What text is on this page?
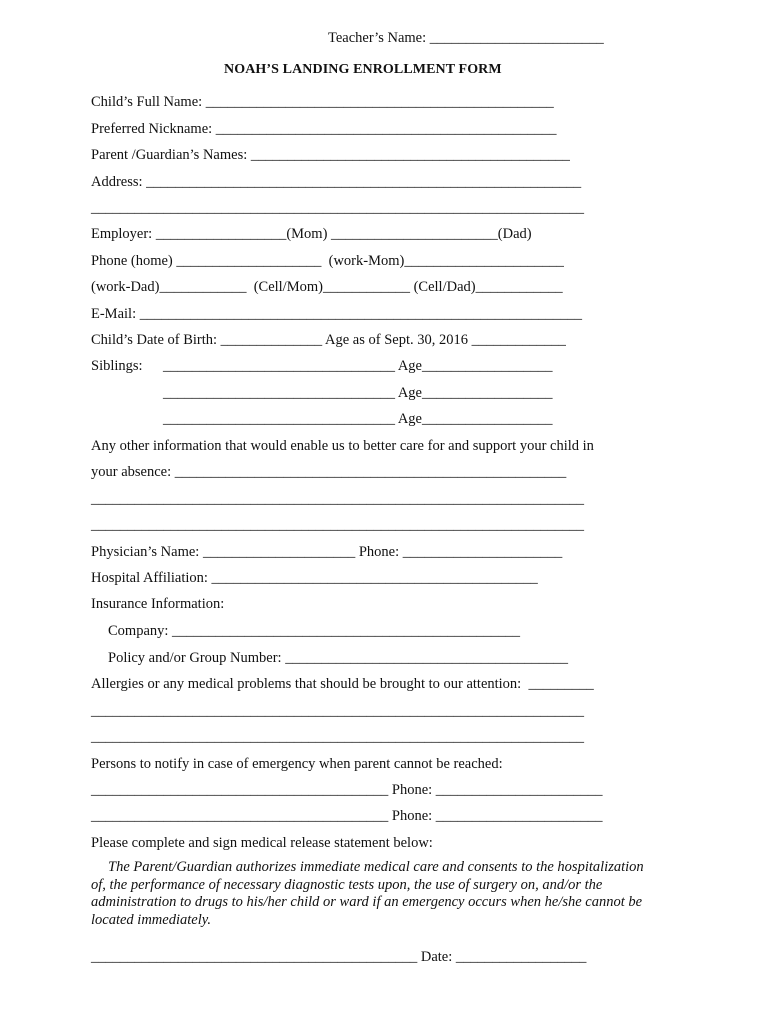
Teacher’s Name: ________________________
NOAH’S LANDING ENROLLMENT FORM
Child’s Full Name: ________________________________________________
Preferred Nickname: _______________________________________________
Parent /Guardian’s Names: ____________________________________________
Address: ____________________________________________________________
____________________________________________________________________
Employer: __________________(Mom) _______________________(Dad)
Phone (home) ____________________  (work-Mom)______________________
(work-Dad)____________  (Cell/Mom)____________ (Cell/Dad)____________
E-Mail: _____________________________________________________________
Child’s Date of Birth: ______________ Age as of Sept. 30, 2016 _____________
Siblings: ________________________________ Age__________________
________________________________ Age__________________
________________________________ Age__________________
Any other information that would enable us to better care for and support your child in
your absence: ______________________________________________________
____________________________________________________________________
____________________________________________________________________
Physician’s Name: _____________________ Phone: ______________________
Hospital Affiliation: _____________________________________________
Insurance Information:
Company: ________________________________________________
Policy and/or Group Number: _______________________________________
Allergies or any medical problems that should be brought to our attention:  _________
____________________________________________________________________
____________________________________________________________________
Persons to notify in case of emergency when parent cannot be reached:
_________________________________________ Phone: _______________________
_________________________________________ Phone: _______________________
Please complete and sign medical release statement below:
The Parent/Guardian authorizes immediate medical care and consents to the hospitalization of, the performance of necessary diagnostic tests upon, the use of surgery on, and/or the administration to drugs to his/her child or ward if an emergency occurs when he/she cannot be located immediately.
_____________________________________________ Date: __________________
